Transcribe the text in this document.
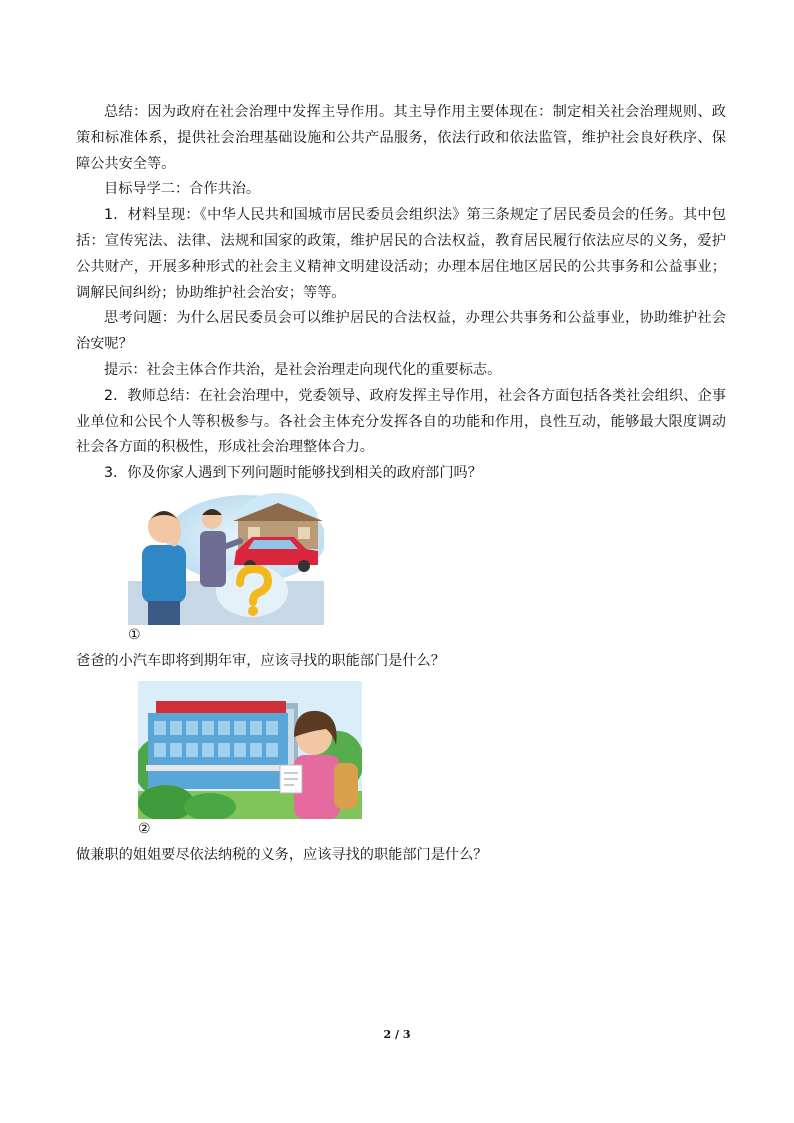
总结：因为政府在社会治理中发挥主导作用。其主导作用主要体现在：制定相关社会治理规则、政策和标准体系，提供社会治理基础设施和公共产品服务，依法行政和依法监管，维护社会良好秩序、保障公共安全等。

目标导学二：合作共治。

1．材料呈现：《中华人民共和国城市居民委员会组织法》第三条规定了居民委员会的任务。其中包括：宣传宪法、法律、法规和国家的政策，维护居民的合法权益，教育居民履行依法应尽的义务，爱护公共财产，开展多种形式的社会主义精神文明建设活动；办理本居住地区居民的公共事务和公益事业；调解民间纠纷；协助维护社会治安；等等。

思考问题：为什么居民委员会可以维护居民的合法权益，办理公共事务和公益事业，协助维护社会治安呢？

提示：社会主体合作共治，是社会治理走向现代化的重要标志。

2．教师总结：在社会治理中，党委领导、政府发挥主导作用，社会各方面包括各类社会组织、企事业单位和公民个人等积极参与。各社会主体充分发挥各自的功能和作用，良性互动，能够最大限度调动社会各方面的积极性，形成社会治理整体合力。

3．你及你家人遇到下列问题时能够找到相关的政府部门吗？

①

爸爸的小汽车即将到期年审，应该寻找的职能部门是什么？

②

做兼职的姐姐要尽依法纳税的义务，应该寻找的职能部门是什么？

2 / 3
